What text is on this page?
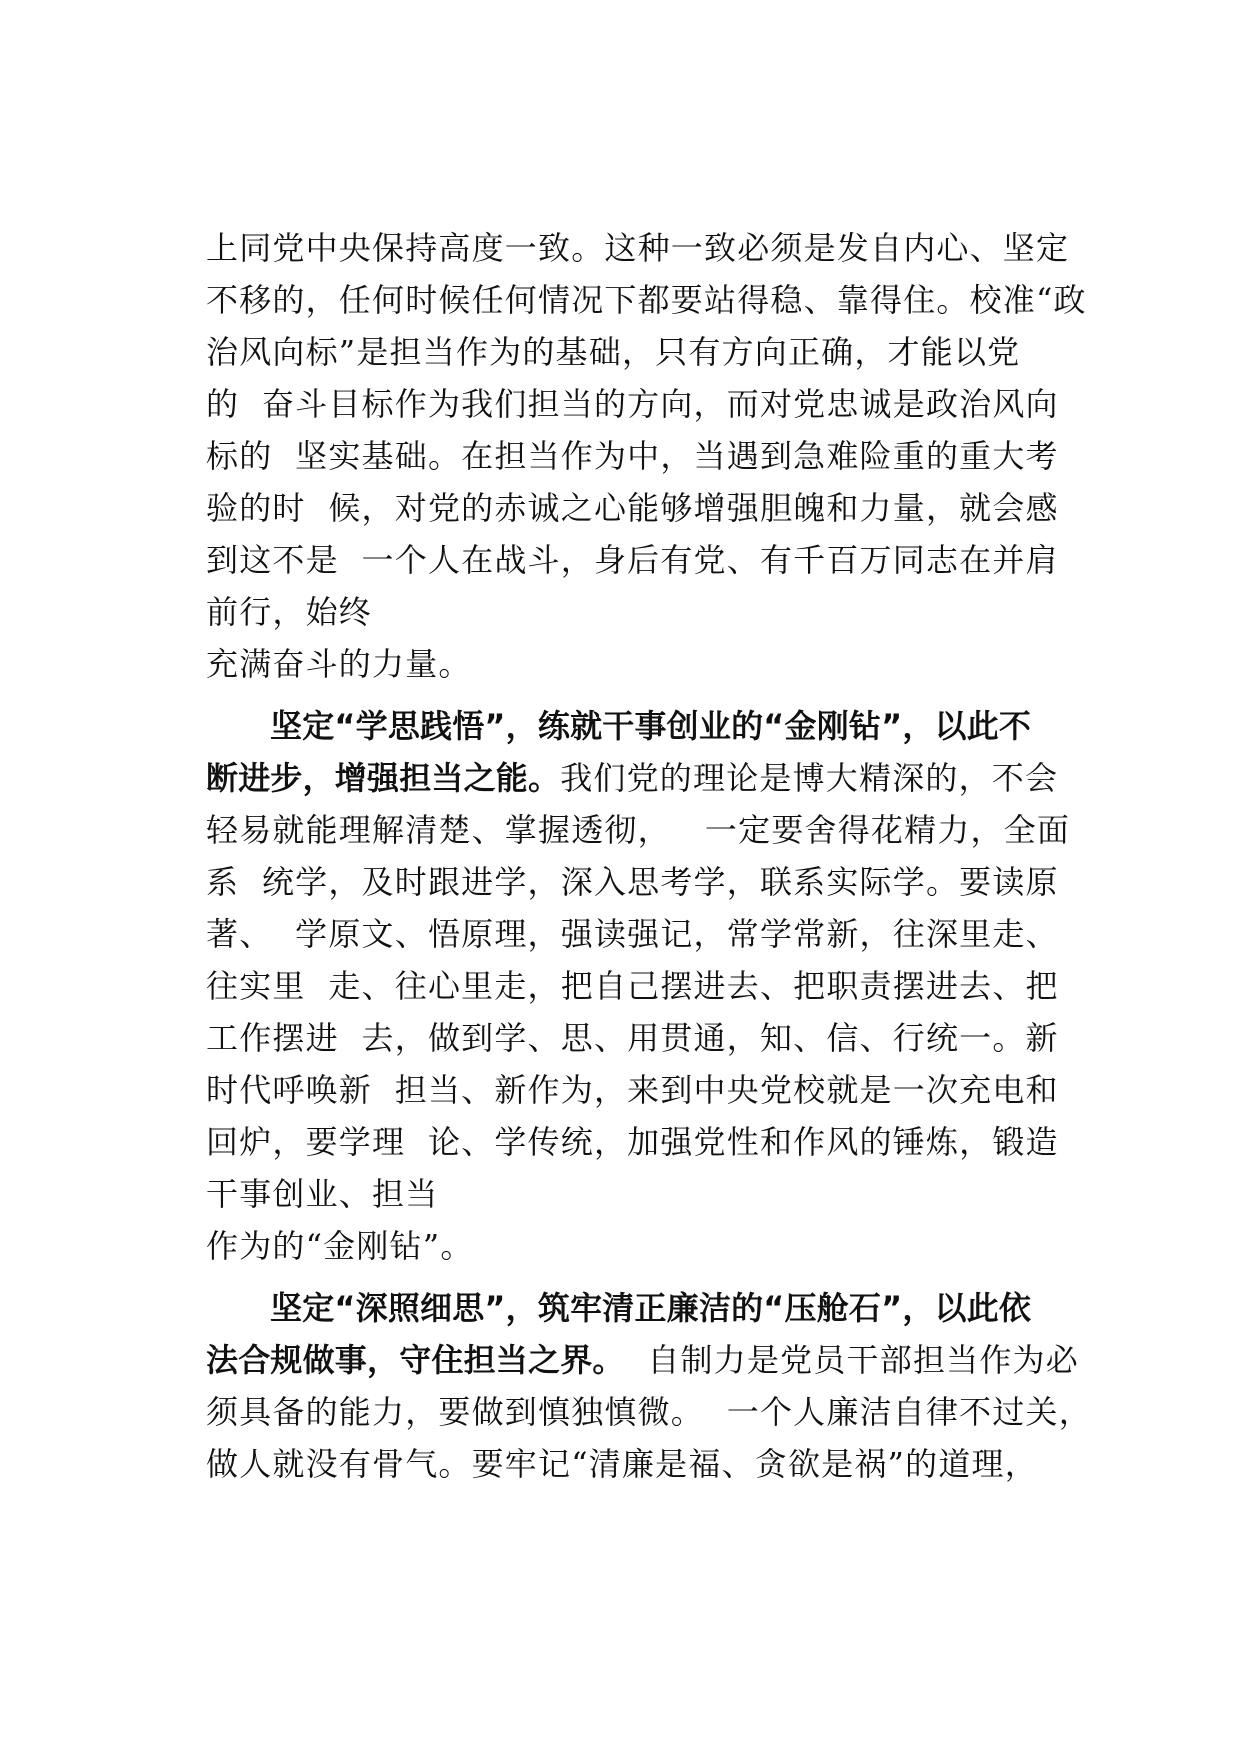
上同党中央保持高度一致。这种一致必须是发自内心、坚定
不移的，任何时候任何情况下都要站得稳、靠得住。校准“政
治风向标”是担当作为的基础，只有方向正确，才能以党
的  奋斗目标作为我们担当的方向，而对党忠诚是政治风向
标的  坚实基础。在担当作为中，当遇到急难险重的重大考
验的时  候，对党的赤诚之心能够增强胆魄和力量，就会感
到这不是  一个人在战斗，身后有党、有千百万同志在并肩
前行，始终
充满奋斗的力量。
坚定“学思践悟”，练就干事创业的“金刚钻”，以此不
断进步，增强担当之能。我们党的理论是博大精深的，不会
轻易就能理解清楚、掌握透彻，   一定要舍得花精力，全面
系  统学，及时跟进学，深入思考学，联系实际学。要读原
著、  学原文、悟原理，强读强记，常学常新，往深里走、
往实里  走、往心里走，把自己摆进去、把职责摆进去、把
工作摆进  去，做到学、思、用贯通，知、信、行统一。新
时代呼唤新  担当、新作为，来到中央党校就是一次充电和
回炉，要学理  论、学传统，加强党性和作风的锤炼，锻造
干事创业、担当
作为的“金刚钻”。
坚定“深照细思”，筑牢清正廉洁的“压舱石”，以此依
法合规做事，守住担当之界。  自制力是党员干部担当作为必
须具备的能力，要做到慎独慎微。  一个人廉洁自律不过关，
做人就没有骨气。要牢记“清廉是福、贪欲是祸”的道理，
